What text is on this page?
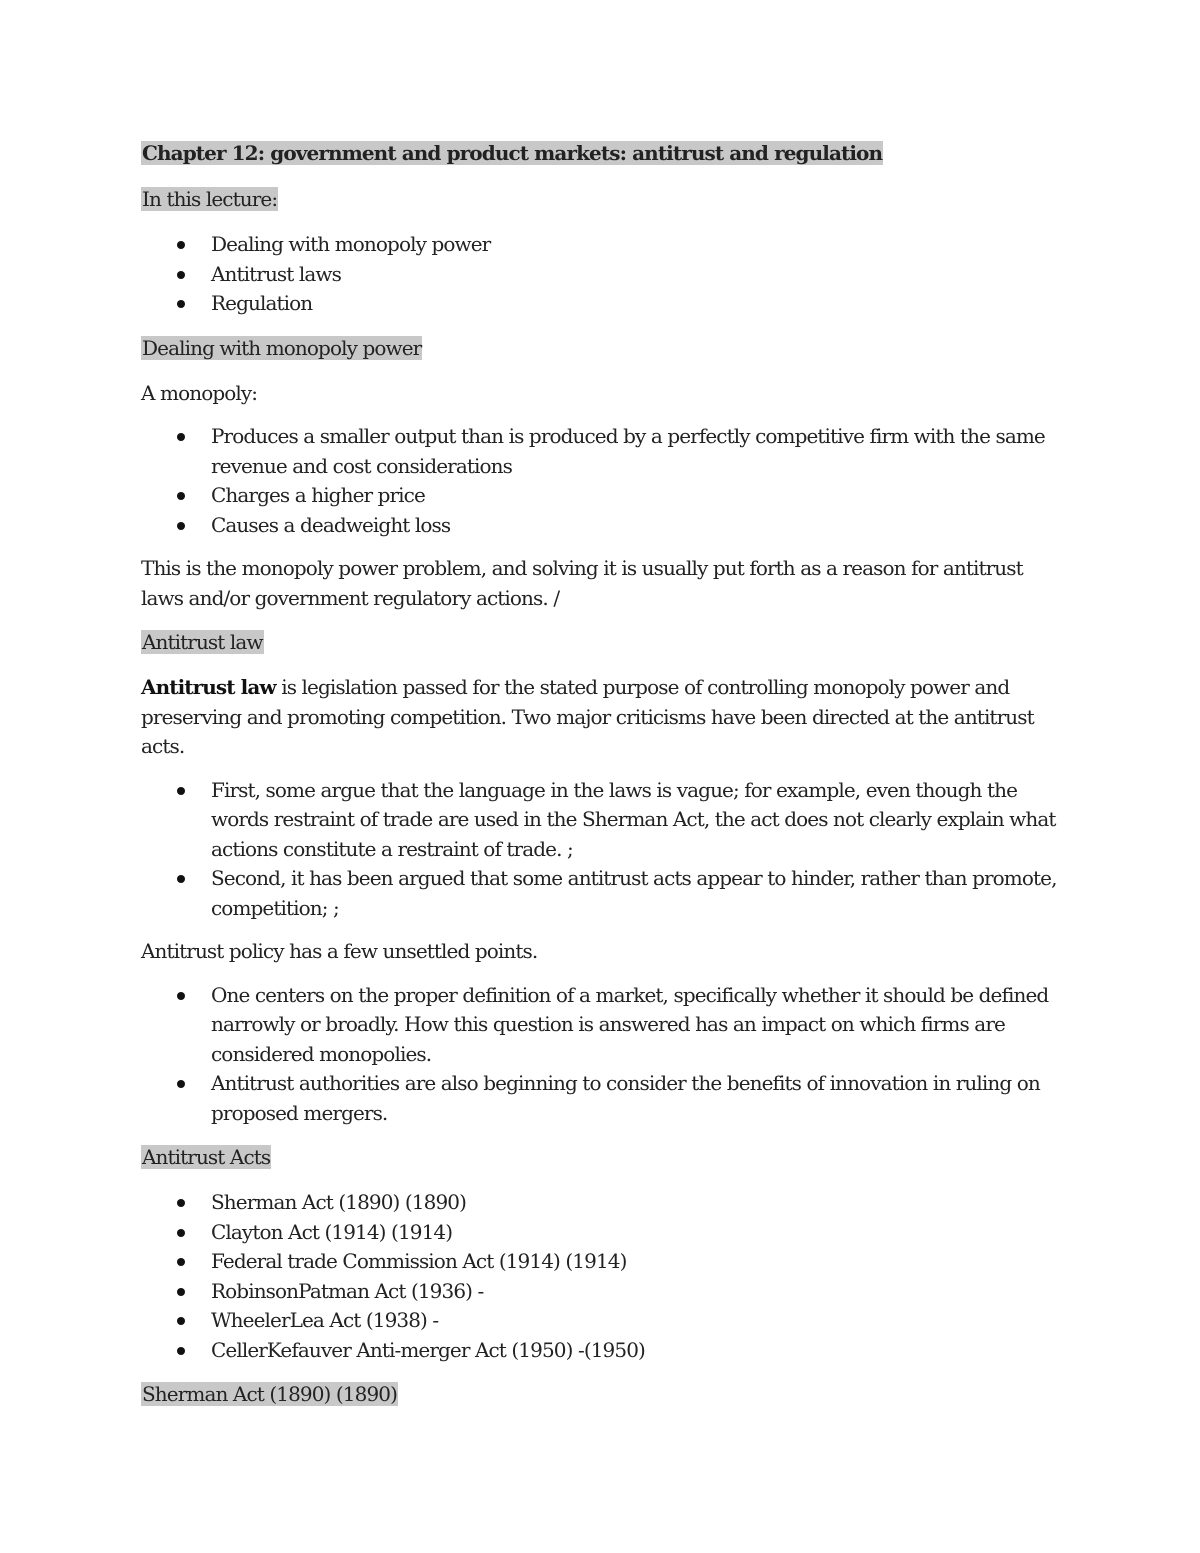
Chapter 12: government and product markets: antitrust and regulation
In this lecture:
Dealing with monopoly power
Antitrust laws
Regulation
Dealing with monopoly power

A monopoly:

Produces a smaller output than is produced by a perfectly competitive firm with the same revenue and cost considerations
Charges a higher price
Causes a deadweight loss

This is the monopoly power problem, and solving it is usually put forth as a reason for antitrust laws and/or government regulatory actions. /

Antitrust law

Antitrust law is legislation passed for the stated purpose of controlling monopoly power and preserving and promoting competition. Two major criticisms have been directed at the antitrust acts.

First, some argue that the language in the laws is vague; for example, even though the words restraint of trade are used in the Sherman Act, the act does not clearly explain what actions constitute a restraint of trade. ;
Second, it has been argued that some antitrust acts appear to hinder, rather than promote, competition; ;

Antitrust policy has a few unsettled points.

One centers on the proper definition of a market, specifically whether it should be defined narrowly or broadly. How this question is answered has an impact on which firms are considered monopolies.
Antitrust authorities are also beginning to consider the benefits of innovation in ruling on proposed mergers.
Antitrust Acts
Sherman Act (1890) (1890)
Clayton Act (1914) (1914)
Federal trade Commission Act (1914) (1914)
RobinsonPatman Act (1936) -
WheelerLea Act (1938) -
CellerKefauver Anti-merger Act (1950) -(1950)
Sherman Act (1890) (1890)
